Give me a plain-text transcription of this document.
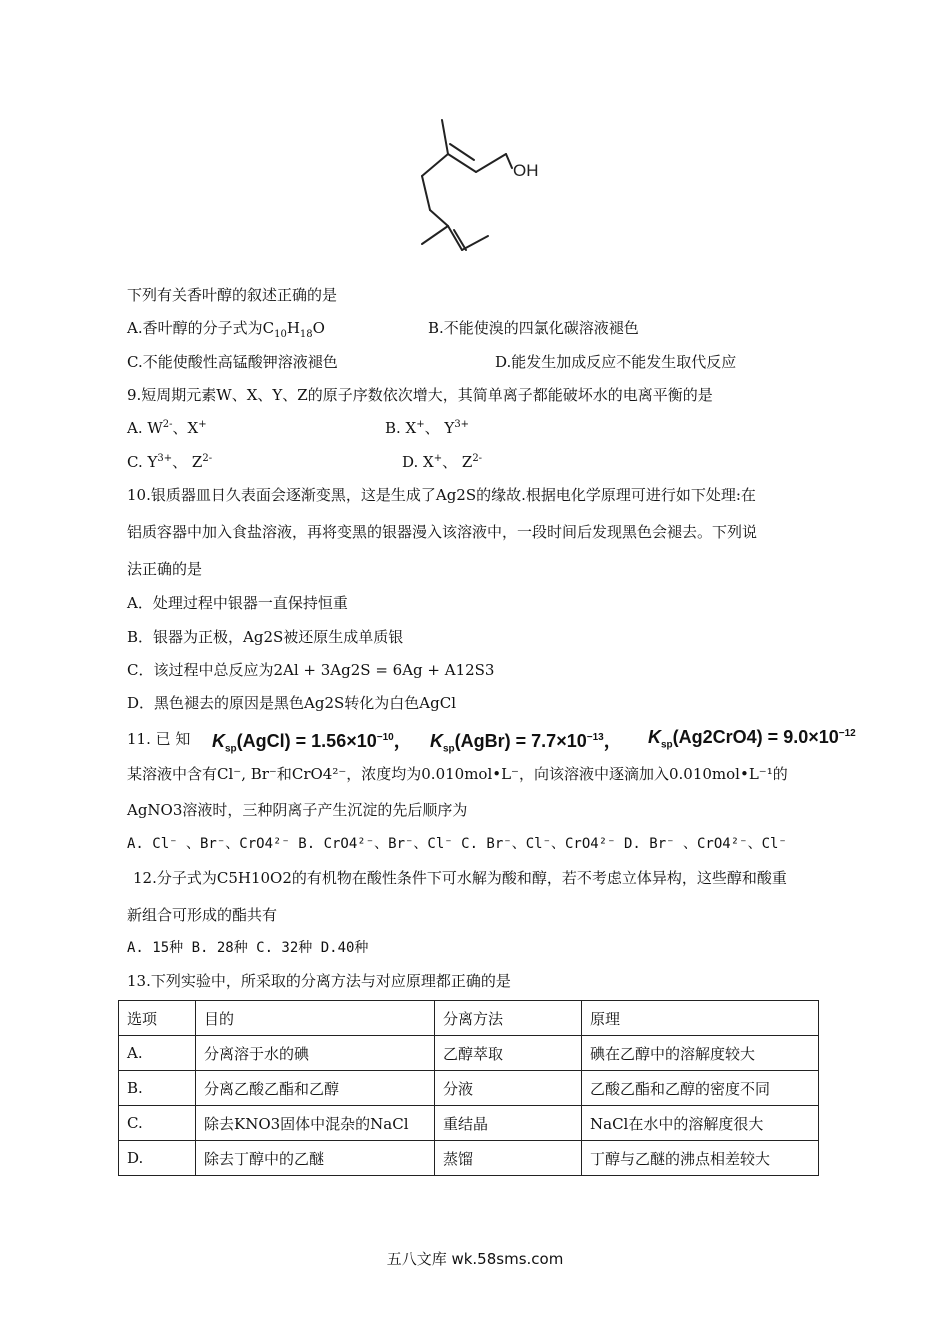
OH
下列有关香叶醇的叙述正确的是
A.香叶醇的分子式为$C_{10}H_{18}O$	B.不能使溴的四氯化碳溶液褪色
C.不能使酸性高锰酸钾溶液褪色	D.能发生加成反应不能发生取代反应
9.短周期元素W、X、Y、Z的原子序数依次增大，其简单离子都能破坏水的电离平衡的是
A. $W^{2-}$、X+	B. X+、 $Y^{3+}$
C. $Y^{3+}$、 $Z^{2-}$	D. X+、 $Z^{2-}$
10.银质器皿日久表面会逐渐变黑，这是生成了Ag2S的缘故.根据电化学原理可进行如下处理:在
铝质容器中加入食盐溶液，再将变黑的银器漫入该溶液中，一段时间后发现黑色会褪去。下列说
法正确的是
A．处理过程中银器一直保持恒重
B．银器为正极，Ag2S被还原生成单质银
C．该过程中总反应为2Al + 3Ag2S = 6Ag + A12S3
D．黑色褪去的原因是黑色Ag2S转化为白色AgCl
11. 已 知 $K_{sp}(AgCl) = 1.56\times 10^{-10}$， $K_{sp}(AgBr) = 7.7\times 10^{-13}$， $K_{sp}(Ag2CrO4) = 9.0\times 10^{-12}$
某溶液中含有Cl⁻, Br⁻和CrO4²⁻，浓度均为0.010mol•L⁻，向该溶液中逐滴加入0.010mol•L⁻¹的
AgNO3溶液时，三种阴离子产生沉淀的先后顺序为
A. Cl⁻ 、Br⁻、CrO4²⁻ B. CrO4²⁻、Br⁻、Cl⁻ C. Br⁻、Cl⁻、CrO4²⁻ D. Br⁻ 、CrO4²⁻、Cl⁻
12.分子式为C5H10O2的有机物在酸性条件下可水解为酸和醇，若不考虑立体异构，这些醇和酸重
新组合可形成的酯共有
A. 15种 B. 28种 C. 32种 D.40种
13.下列实验中，所采取的分离方法与对应原理都正确的是
选项	目的	分离方法	原理
A.	分离溶于水的碘	乙醇萃取	碘在乙醇中的溶解度较大
B.	分离乙酸乙酯和乙醇	分液	乙酸乙酯和乙醇的密度不同
C.	除去KNO3固体中混杂的NaCl	重结晶	NaCl在水中的溶解度很大
D.	除去丁醇中的乙醚	蒸馏	丁醇与乙醚的沸点相差较大
五八文库 wk.58sms.com
